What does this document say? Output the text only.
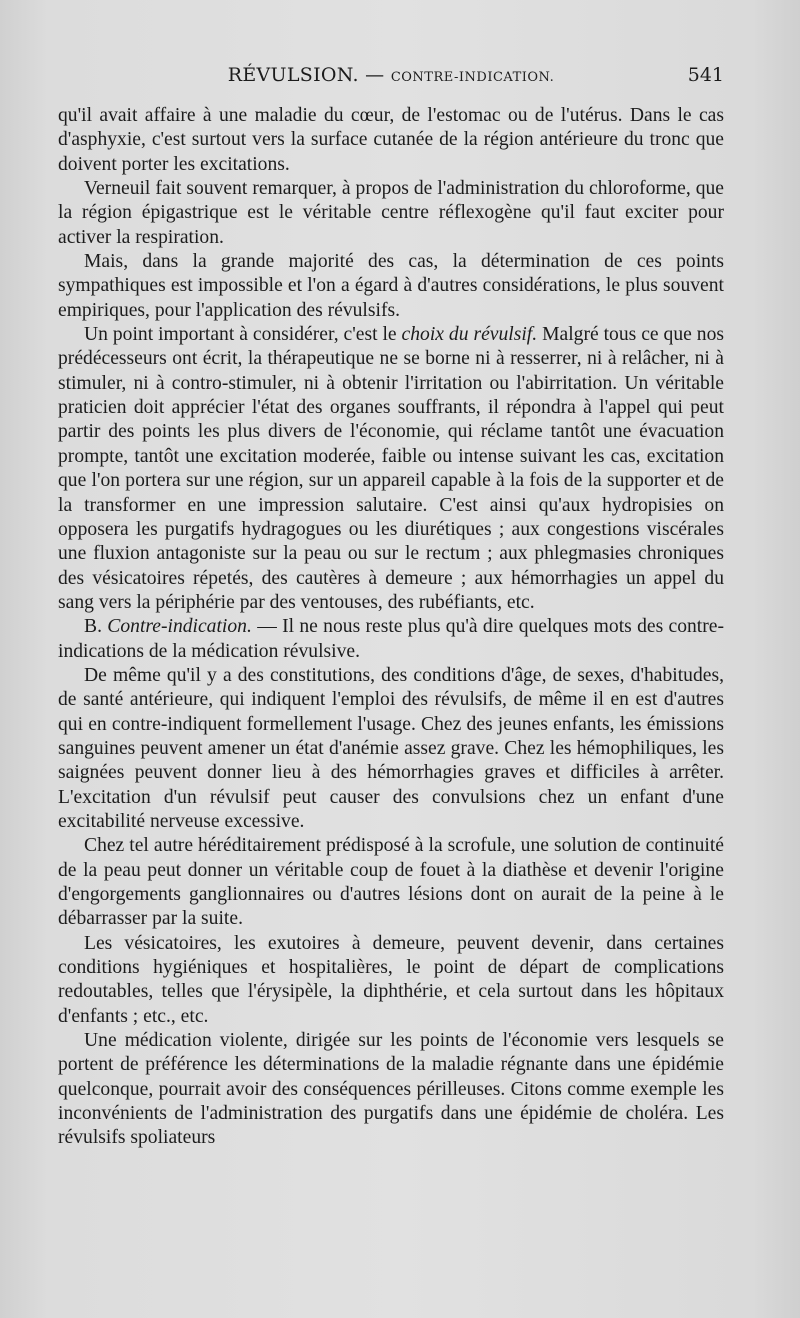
RÉVULSION. — CONTRE-INDICATION.	541

qu'il avait affaire à une maladie du cœur, de l'estomac ou de l'utérus. Dans le cas d'asphyxie, c'est surtout vers la surface cutanée de la région antérieure du tronc que doivent porter les excitations.

Verneuil fait souvent remarquer, à propos de l'administration du chloroforme, que la région épigastrique est le véritable centre réflexogène qu'il faut exciter pour activer la respiration.

Mais, dans la grande majorité des cas, la détermination de ces points sympathiques est impossible et l'on a égard à d'autres considérations, le plus souvent empiriques, pour l'application des révulsifs.

Un point important à considérer, c'est le choix du révulsif. Malgré tous ce que nos prédécesseurs ont écrit, la thérapeutique ne se borne ni à resserrer, ni à relâcher, ni à stimuler, ni à contro-stimuler, ni à obtenir l'irritation ou l'abirritation. Un véritable praticien doit apprécier l'état des organes souffrants, il répondra à l'appel qui peut partir des points les plus divers de l'économie, qui réclame tantôt une évacuation prompte, tantôt une excitation moderée, faible ou intense suivant les cas, excitation que l'on portera sur une région, sur un appareil capable à la fois de la supporter et de la transformer en une impression salutaire. C'est ainsi qu'aux hydropisies on opposera les purgatifs hydragogues ou les diurétiques ; aux congestions viscérales une fluxion antagoniste sur la peau ou sur le rectum ; aux phlegmasies chroniques des vésicatoires répetés, des cautères à demeure ; aux hémorrhagies un appel du sang vers la périphérie par des ventouses, des rubéfiants, etc.

B. Contre-indication. — Il ne nous reste plus qu'à dire quelques mots des contre-indications de la médication révulsive.

De même qu'il y a des constitutions, des conditions d'âge, de sexes, d'habitudes, de santé antérieure, qui indiquent l'emploi des révulsifs, de même il en est d'autres qui en contre-indiquent formellement l'usage. Chez des jeunes enfants, les émissions sanguines peuvent amener un état d'anémie assez grave. Chez les hémophiliques, les saignées peuvent donner lieu à des hémorrhagies graves et difficiles à arrêter. L'excitation d'un révulsif peut causer des convulsions chez un enfant d'une excitabilité nerveuse excessive.

Chez tel autre héréditairement prédisposé à la scrofule, une solution de continuité de la peau peut donner un véritable coup de fouet à la diathèse et devenir l'origine d'engorgements ganglionnaires ou d'autres lésions dont on aurait de la peine à le débarrasser par la suite.

Les vésicatoires, les exutoires à demeure, peuvent devenir, dans certaines conditions hygiéniques et hospitalières, le point de départ de complications redoutables, telles que l'érysipèle, la diphthérie, et cela surtout dans les hôpitaux d'enfants ; etc., etc.

Une médication violente, dirigée sur les points de l'économie vers lesquels se portent de préférence les déterminations de la maladie régnante dans une épidémie quelconque, pourrait avoir des conséquences périlleuses. Citons comme exemple les inconvénients de l'administration des purgatifs dans une épidémie de choléra. Les révulsifs spoliateurs
